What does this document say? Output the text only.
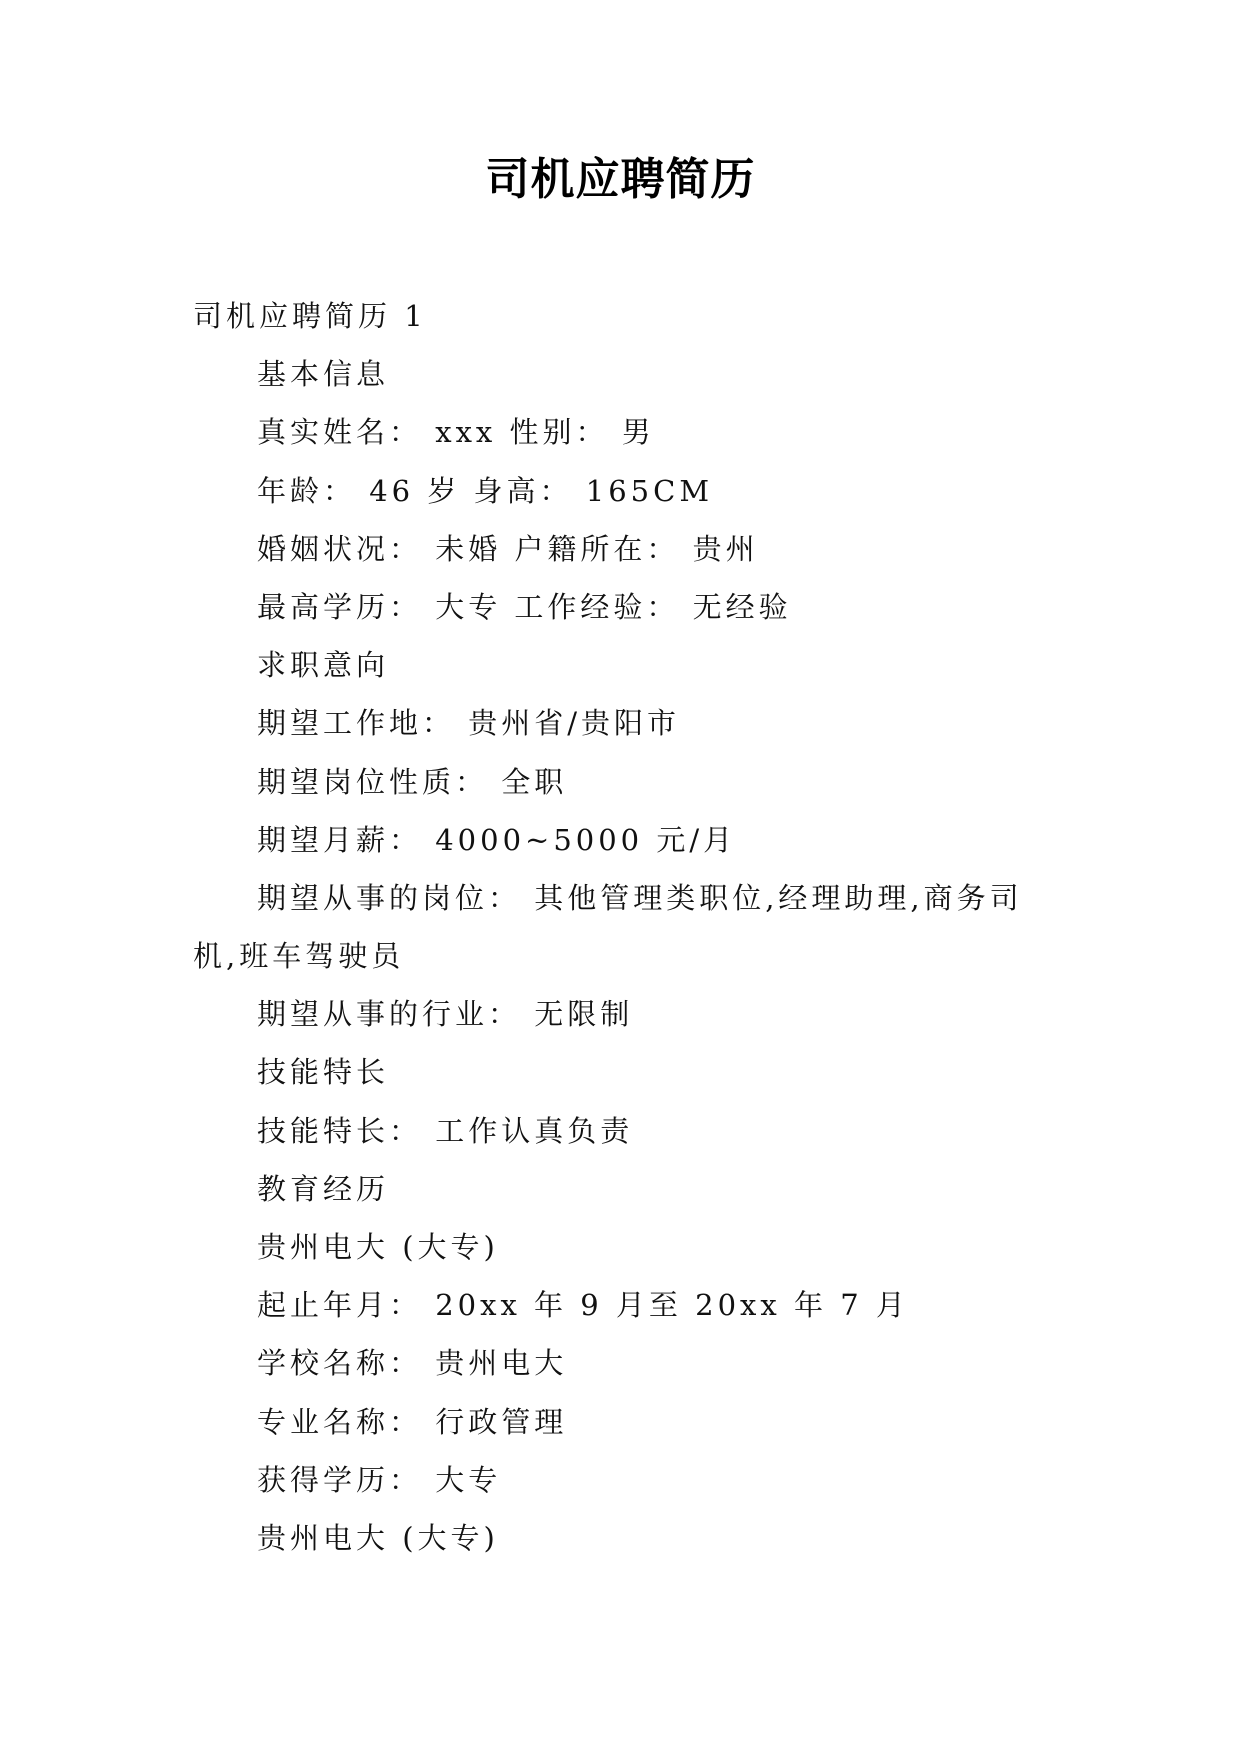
司机应聘简历

司机应聘简历 1

基本信息

真实姓名： xxx 性别： 男

年龄： 46 岁 身高： 165CM

婚姻状况： 未婚 户籍所在： 贵州

最高学历： 大专 工作经验： 无经验

求职意向

期望工作地： 贵州省/贵阳市

期望岗位性质： 全职

期望月薪： 4000~5000 元/月

期望从事的岗位： 其他管理类职位,经理助理,商务司

机,班车驾驶员

期望从事的行业： 无限制

技能特长

技能特长： 工作认真负责

教育经历

贵州电大 (大专)

起止年月： 20xx 年 9 月至 20xx 年 7 月

学校名称： 贵州电大

专业名称： 行政管理

获得学历： 大专

贵州电大 (大专)
